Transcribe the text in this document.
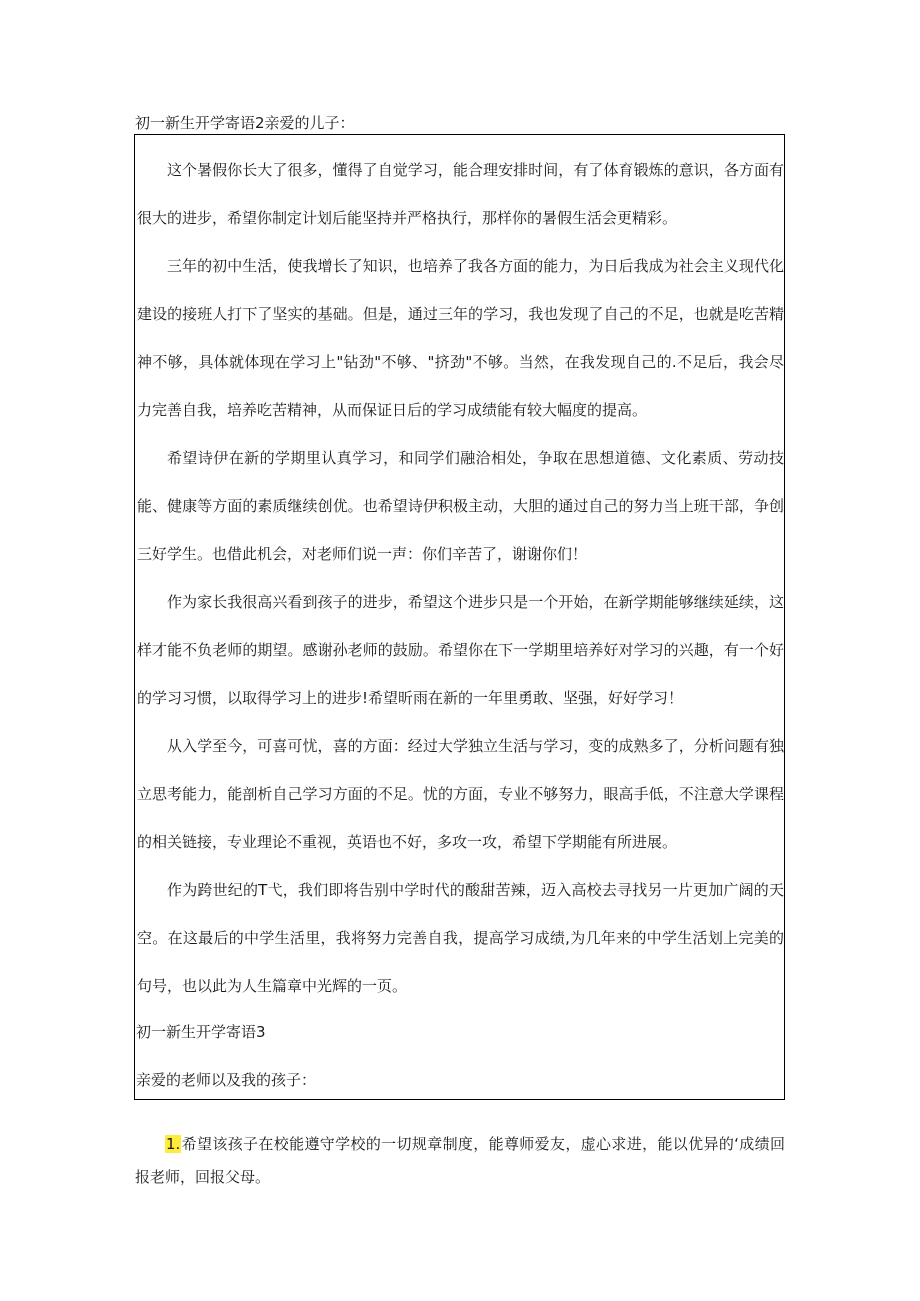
初一新生开学寄语2亲爱的儿子：

这个暑假你长大了很多，懂得了自觉学习，能合理安排时间，有了体育锻炼的意识，各方面有很大的进步，希望你制定计划后能坚持并严格执行，那样你的暑假生活会更精彩。

三年的初中生活，使我增长了知识，也培养了我各方面的能力，为日后我成为社会主义现代化建设的接班人打下了坚实的基础。但是，通过三年的学习，我也发现了自己的不足，也就是吃苦精神不够，具体就体现在学习上"钻劲"不够、"挤劲"不够。当然，在我发现自己的.不足后，我会尽力完善自我，培养吃苦精神，从而保证日后的学习成绩能有较大幅度的提高。

希望诗伊在新的学期里认真学习，和同学们融洽相处，争取在思想道德、文化素质、劳动技能、健康等方面的素质继续创优。也希望诗伊积极主动，大胆的通过自己的努力当上班干部，争创三好学生。也借此机会，对老师们说一声：你们辛苦了，谢谢你们！

作为家长我很高兴看到孩子的进步，希望这个进步只是一个开始，在新学期能够继续延续，这样才能不负老师的期望。感谢孙老师的鼓励。希望你在下一学期里培养好对学习的兴趣，有一个好的学习习惯，以取得学习上的进步!希望昕雨在新的一年里勇敢、坚强，好好学习！

从入学至今，可喜可忧，喜的方面：经过大学独立生活与学习，变的成熟多了，分析问题有独立思考能力，能剖析自己学习方面的不足。忧的方面，专业不够努力，眼高手低，不注意大学课程的相关链接，专业理论不重视，英语也不好，多攻一攻，希望下学期能有所进展。

作为跨世纪的T弋，我们即将告别中学时代的酸甜苦辣，迈入高校去寻找另一片更加广阔的天空。在这最后的中学生活里，我将努力完善自我，提高学习成绩,为几年来的中学生活划上完美的句号，也以此为人生篇章中光辉的一页。

初一新生开学寄语3

亲爱的老师以及我的孩子：

1.希望该孩子在校能遵守学校的一切规章制度，能尊师爱友，虚心求进，能以优异的‘成绩回报老师，回报父母。
